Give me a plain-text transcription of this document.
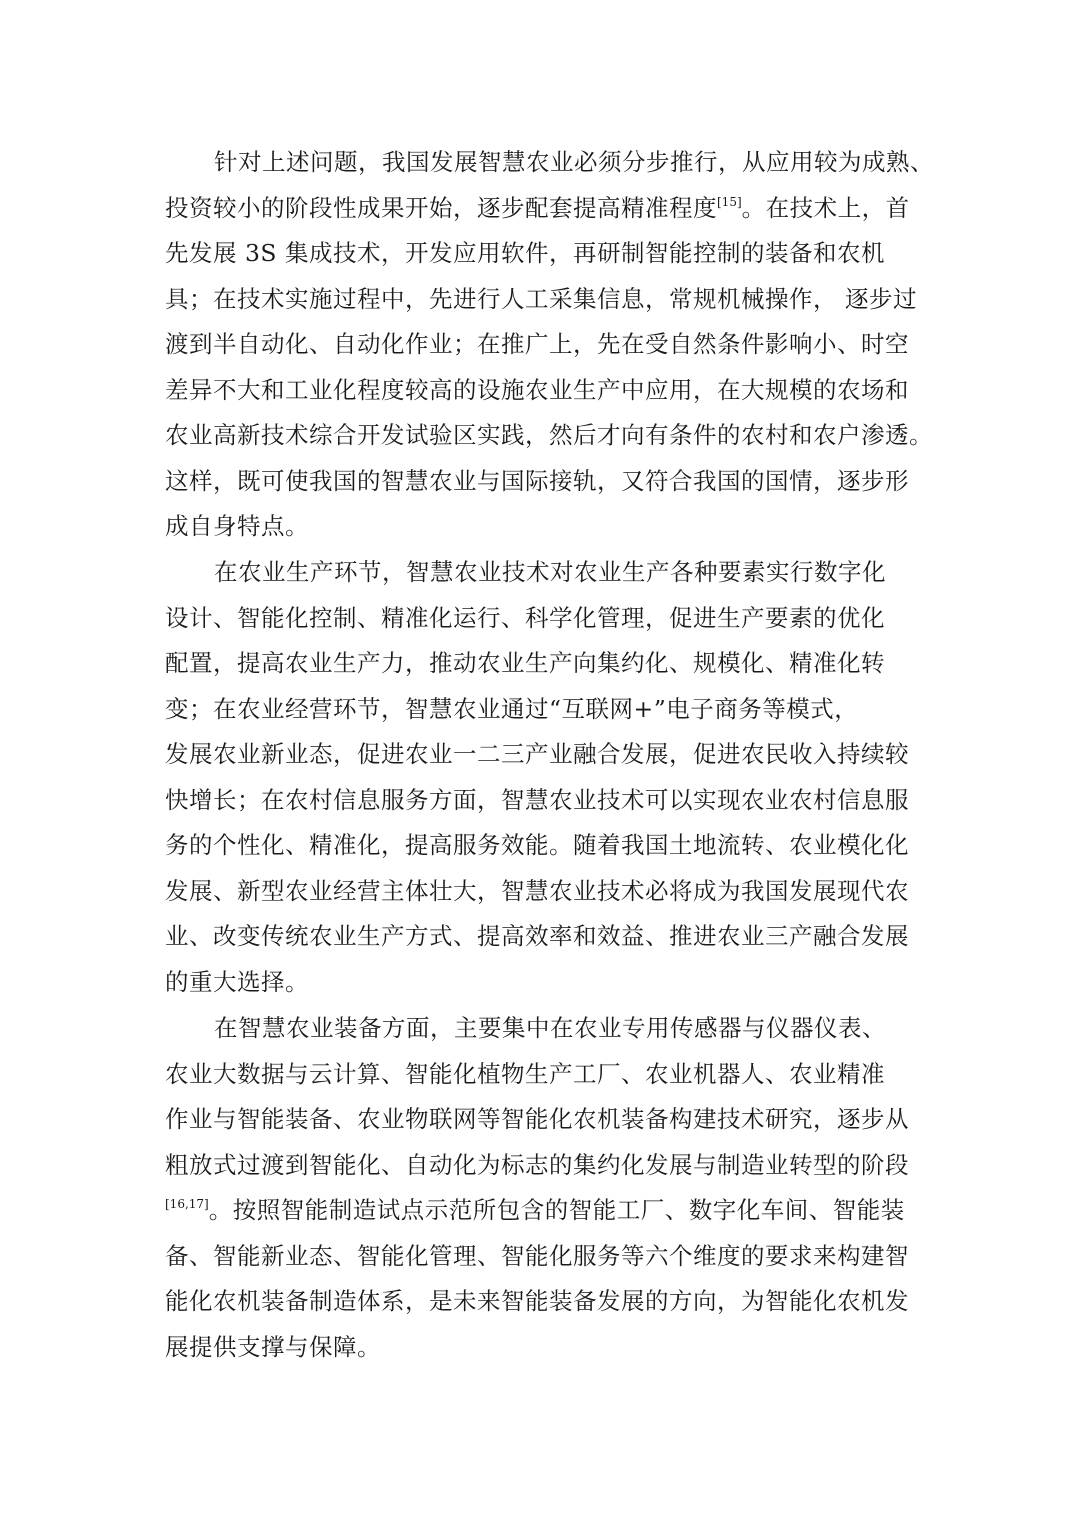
针对上述问题，我国发展智慧农业必须分步推行，从应用较为成熟、
投资较小的阶段性成果开始，逐步配套提高精准程度[15]。在技术上，首
先发展 3S 集成技术，开发应用软件，再研制智能控制的装备和农机
具；在技术实施过程中，先进行人工采集信息，常规机械操作， 逐步过
渡到半自动化、自动化作业；在推广上，先在受自然条件影响小、时空
差异不大和工业化程度较高的设施农业生产中应用，在大规模的农场和
农业高新技术综合开发试验区实践，然后才向有条件的农村和农户渗透。
这样，既可使我国的智慧农业与国际接轨，又符合我国的国情，逐步形
成自身特点。
在农业生产环节，智慧农业技术对农业生产各种要素实行数字化
设计、智能化控制、精准化运行、科学化管理，促进生产要素的优化
配置，提高农业生产力，推动农业生产向集约化、规模化、精准化转
变；在农业经营环节，智慧农业通过“互联网+”电子商务等模式，
发展农业新业态，促进农业一二三产业融合发展，促进农民收入持续较
快增长；在农村信息服务方面，智慧农业技术可以实现农业农村信息服
务的个性化、精准化，提高服务效能。随着我国土地流转、农业模化化
发展、新型农业经营主体壮大，智慧农业技术必将成为我国发展现代农
业、改变传统农业生产方式、提高效率和效益、推进农业三产融合发展
的重大选择。
在智慧农业装备方面，主要集中在农业专用传感器与仪器仪表、
农业大数据与云计算、智能化植物生产工厂、农业机器人、农业精准
作业与智能装备、农业物联网等智能化农机装备构建技术研究，逐步从
粗放式过渡到智能化、自动化为标志的集约化发展与制造业转型的阶段
[16,17]。按照智能制造试点示范所包含的智能工厂、数字化车间、智能装
备、智能新业态、智能化管理、智能化服务等六个维度的要求来构建智
能化农机装备制造体系，是未来智能装备发展的方向，为智能化农机发
展提供支撑与保障。
